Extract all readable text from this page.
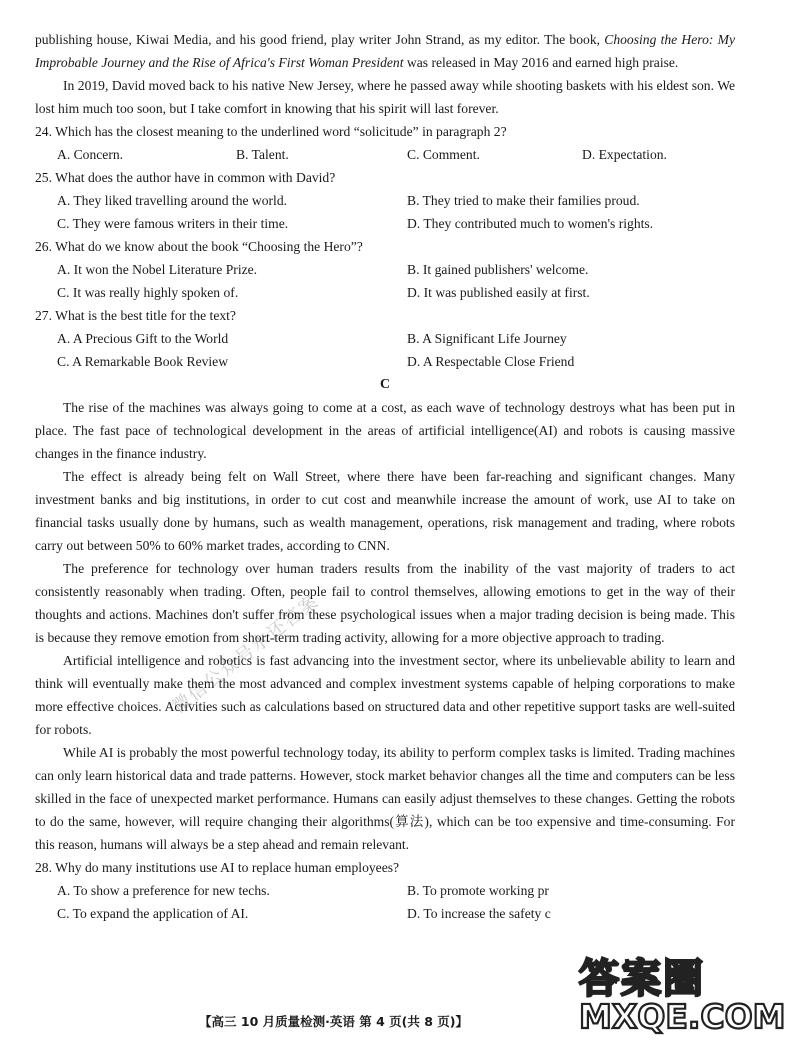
publishing house, Kiwai Media, and his good friend, play writer John Strand, as my editor. The book, Choosing the Hero: My Improbable Journey and the Rise of Africa's First Woman President was released in May 2016 and earned high praise.

In 2019, David moved back to his native New Jersey, where he passed away while shooting baskets with his eldest son. We lost him much too soon, but I take comfort in knowing that his spirit will last forever.

24. Which has the closest meaning to the underlined word “solicitude” in paragraph 2?

A. Concern.	B. Talent.	C. Comment.	D. Expectation.

25. What does the author have in common with David?

A. They liked travelling around the world.	B. They tried to make their families proud.
C. They were famous writers in their time.	D. They contributed much to women's rights.

26. What do we know about the book “Choosing the Hero”?

A. It won the Nobel Literature Prize.	B. It gained publishers' welcome.
C. It was really highly spoken of.	D. It was published easily at first.

27. What is the best title for the text?

A. A Precious Gift to the World	B. A Significant Life Journey
C. A Remarkable Book Review	D. A Respectable Close Friend

C

The rise of the machines was always going to come at a cost, as each wave of technology destroys what has been put in place. The fast pace of technological development in the areas of artificial intelligence(AI) and robots is causing massive changes in the finance industry.

The effect is already being felt on Wall Street, where there have been far-reaching and significant changes. Many investment banks and big institutions, in order to cut cost and meanwhile increase the amount of work, use AI to take on financial tasks usually done by humans, such as wealth management, operations, risk management and trading, where robots carry out between 50% to 60% market trades, according to CNN.

The preference for technology over human traders results from the inability of the vast majority of traders to act consistently reasonably when trading. Often, people fail to control themselves, allowing emotions to get in the way of their thoughts and actions. Machines don't suffer from these psychological issues when a major trading decision is being made. This is because they remove emotion from short-term trading activity, allowing for a more objective approach to trading.

Artificial intelligence and robotics is fast advancing into the investment sector, where its unbelievable ability to learn and think will eventually make them the most advanced and complex investment systems capable of helping corporations to make more effective choices. Activities such as calculations based on structured data and other repetitive support tasks are well-suited for robots.

While AI is probably the most powerful technology today, its ability to perform complex tasks is limited. Trading machines can only learn historical data and trade patterns. However, stock market behavior changes all the time and computers can be less skilled in the face of unexpected market performance. Humans can easily adjust themselves to these changes. Getting the robots to do the same, however, will require changing their algorithms(算法), which can be too expensive and time-consuming. For this reason, humans will always be a step ahead and remain relevant.

28. Why do many institutions use AI to replace human employees?

A. To show a preference for new techs.	B. To promote working pr
C. To expand the application of AI.	D. To increase the safety c
微信公众号水还答案
【高三 10 月质量检测·英语 第 4 页(共 8 页)】
答案圈
MXQE.COM
